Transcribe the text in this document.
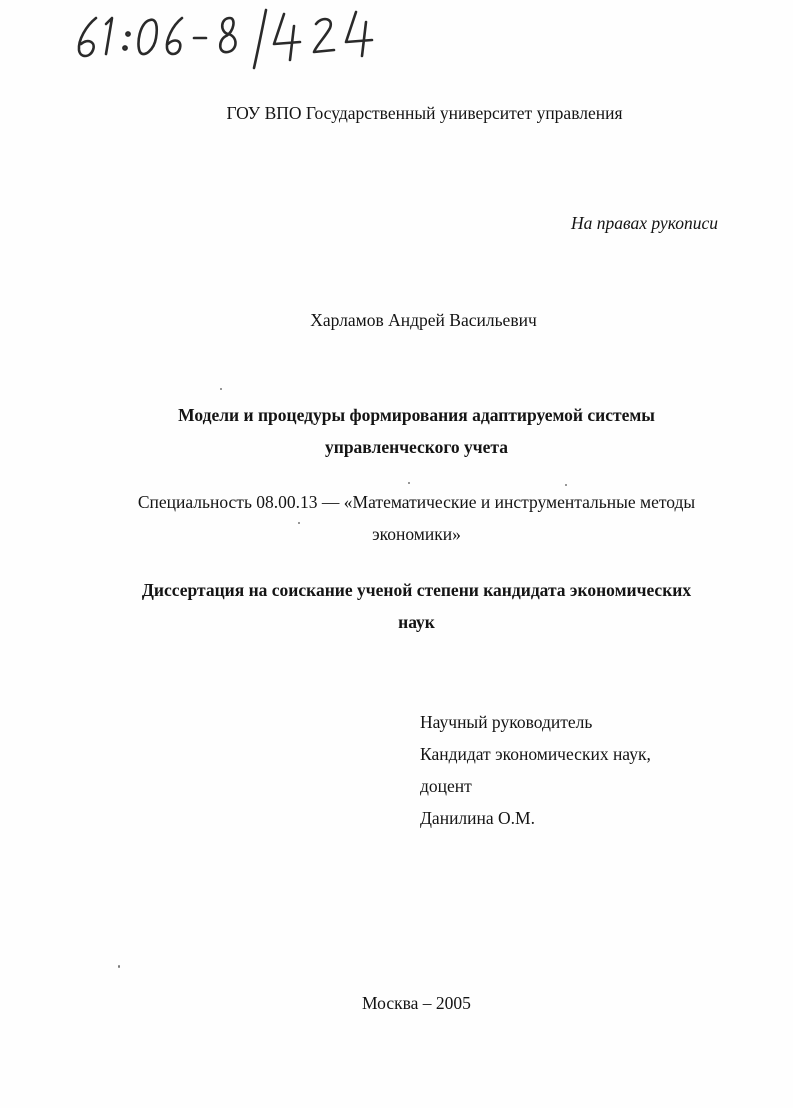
ГОУ ВПО Государственный университет управления
На правах рукописи
Харламов Андрей Васильевич
Модели и процедуры формирования адаптируемой системы
управленческого учета
Специальность 08.00.13 — «Математические и инструментальные методы
экономики»
Диссертация на соискание ученой степени кандидата экономических
наук
Научный руководитель
Кандидат экономических наук,
доцент
Данилина О.М.
Москва – 2005
